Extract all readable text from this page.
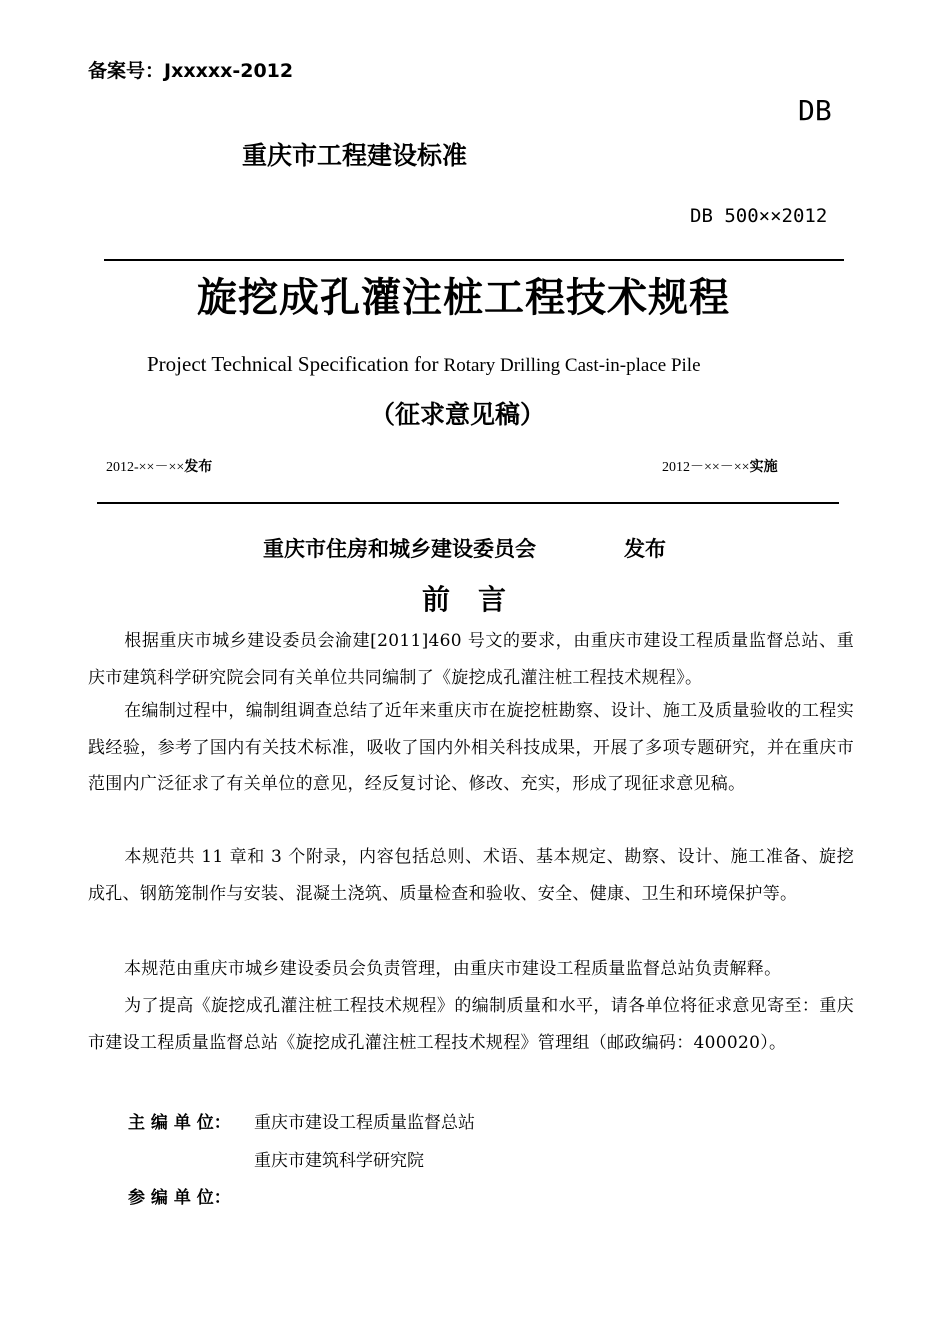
备案号：Jxxxxx-2012
DB
重庆市工程建设标准
DB 500××2012
旋挖成孔灌注桩工程技术规程
Project Technical Specification for Rotary Drilling Cast-in-place Pile
（征求意见稿）
2012-××－××发布	2012－××－××实施
重庆市住房和城乡建设委员会	发布
前　言
根据重庆市城乡建设委员会渝建[2011]460 号文的要求，由重庆市建设工程质量监督总站、重庆市建筑科学研究院会同有关单位共同编制了《旋挖成孔灌注桩工程技术规程》。
在编制过程中，编制组调查总结了近年来重庆市在旋挖桩勘察、设计、施工及质量验收的工程实践经验，参考了国内有关技术标准，吸收了国内外相关科技成果，开展了多项专题研究，并在重庆市范围内广泛征求了有关单位的意见，经反复讨论、修改、充实，形成了现征求意见稿。
本规范共 11 章和 3 个附录，内容包括总则、术语、基本规定、勘察、设计、施工准备、旋挖成孔、钢筋笼制作与安装、混凝土浇筑、质量检查和验收、安全、健康、卫生和环境保护等。
本规范由重庆市城乡建设委员会负责管理，由重庆市建设工程质量监督总站负责解释。
为了提高《旋挖成孔灌注桩工程技术规程》的编制质量和水平，请各单位将征求意见寄至：重庆市建设工程质量监督总站《旋挖成孔灌注桩工程技术规程》管理组（邮政编码：400020）。
主 编 单 位： 重庆市建设工程质量监督总站
重庆市建筑科学研究院
参 编 单 位：
